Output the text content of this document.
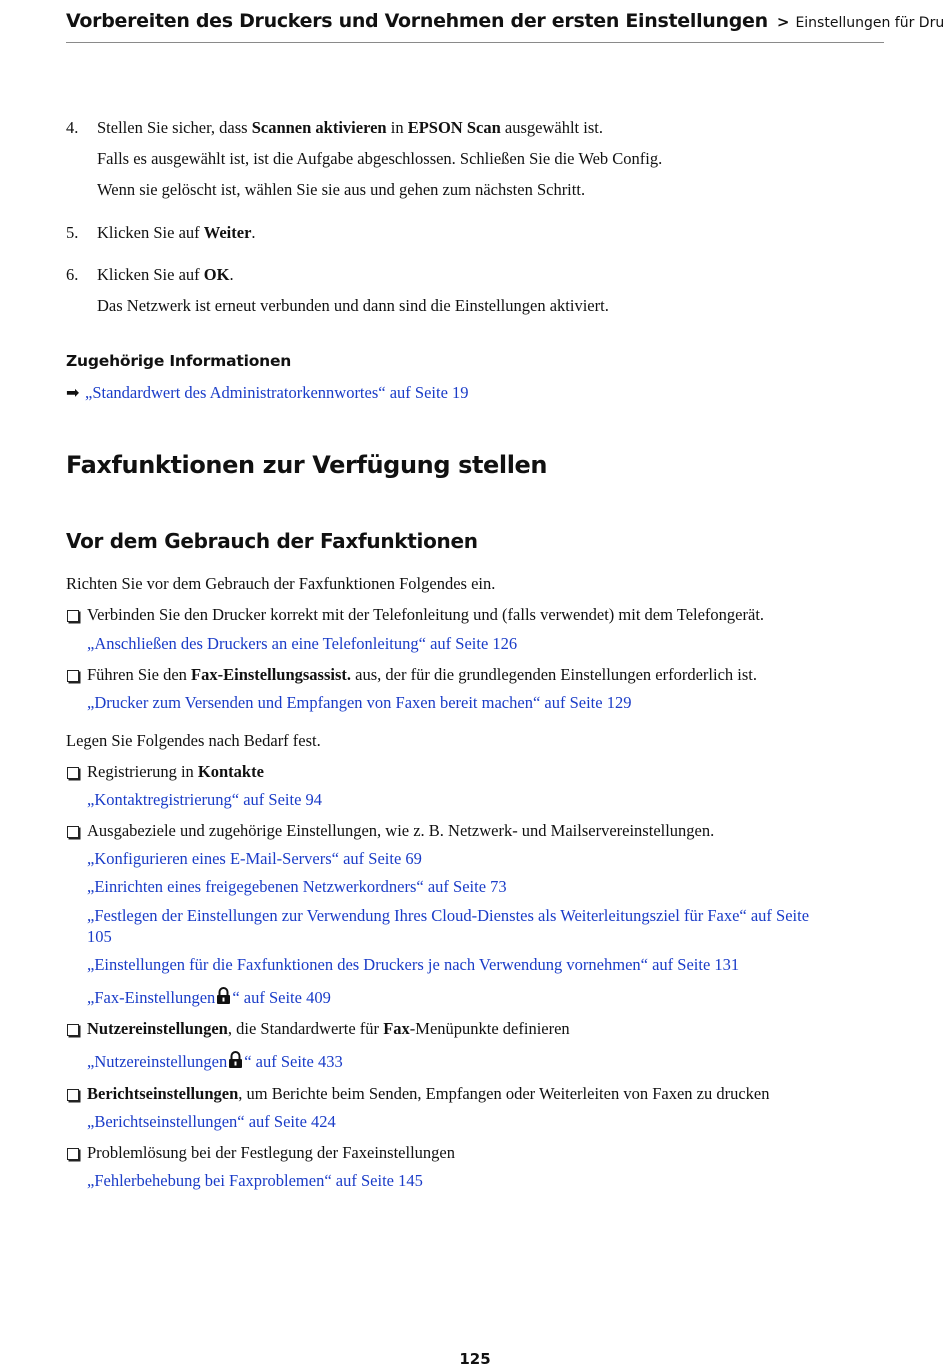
Vorbereiten des Druckers und Vornehmen der ersten Einstellungen > Einstellungen für Dru
4. Stellen Sie sicher, dass Scannen aktivieren in EPSON Scan ausgewählt ist.
Falls es ausgewählt ist, ist die Aufgabe abgeschlossen. Schließen Sie die Web Config.
Wenn sie gelöscht ist, wählen Sie sie aus und gehen zum nächsten Schritt.
5. Klicken Sie auf Weiter.
6. Klicken Sie auf OK.
Das Netzwerk ist erneut verbunden und dann sind die Einstellungen aktiviert.
Zugehörige Informationen
➡ „Standardwert des Administratorkennwortes“ auf Seite 19
Faxfunktionen zur Verfügung stellen
Vor dem Gebrauch der Faxfunktionen
Richten Sie vor dem Gebrauch der Faxfunktionen Folgendes ein.
Verbinden Sie den Drucker korrekt mit der Telefonleitung und (falls verwendet) mit dem Telefongerät.
„Anschließen des Druckers an eine Telefonleitung“ auf Seite 126
Führen Sie den Fax-Einstellungsassist. aus, der für die grundlegenden Einstellungen erforderlich ist.
„Drucker zum Versenden und Empfangen von Faxen bereit machen“ auf Seite 129
Legen Sie Folgendes nach Bedarf fest.
Registrierung in Kontakte
„Kontaktregistrierung“ auf Seite 94
Ausgabeziele und zugehörige Einstellungen, wie z. B. Netzwerk- und Mailservereinstellungen.
„Konfigurieren eines E-Mail-Servers“ auf Seite 69
„Einrichten eines freigegebenen Netzwerkordners“ auf Seite 73
„Festlegen der Einstellungen zur Verwendung Ihres Cloud-Dienstes als Weiterleitungsziel für Faxe“ auf Seite 105
„Einstellungen für die Faxfunktionen des Druckers je nach Verwendung vornehmen“ auf Seite 131
„Fax-Einstellungen “ auf Seite 409
Nutzereinstellungen, die Standardwerte für Fax-Menüpunkte definieren
„Nutzereinstellungen “ auf Seite 433
Berichtseinstellungen, um Berichte beim Senden, Empfangen oder Weiterleiten von Faxen zu drucken
„Berichtseinstellungen“ auf Seite 424
Problemlösung bei der Festlegung der Faxeinstellungen
„Fehlerbehebung bei Faxproblemen“ auf Seite 145
125
